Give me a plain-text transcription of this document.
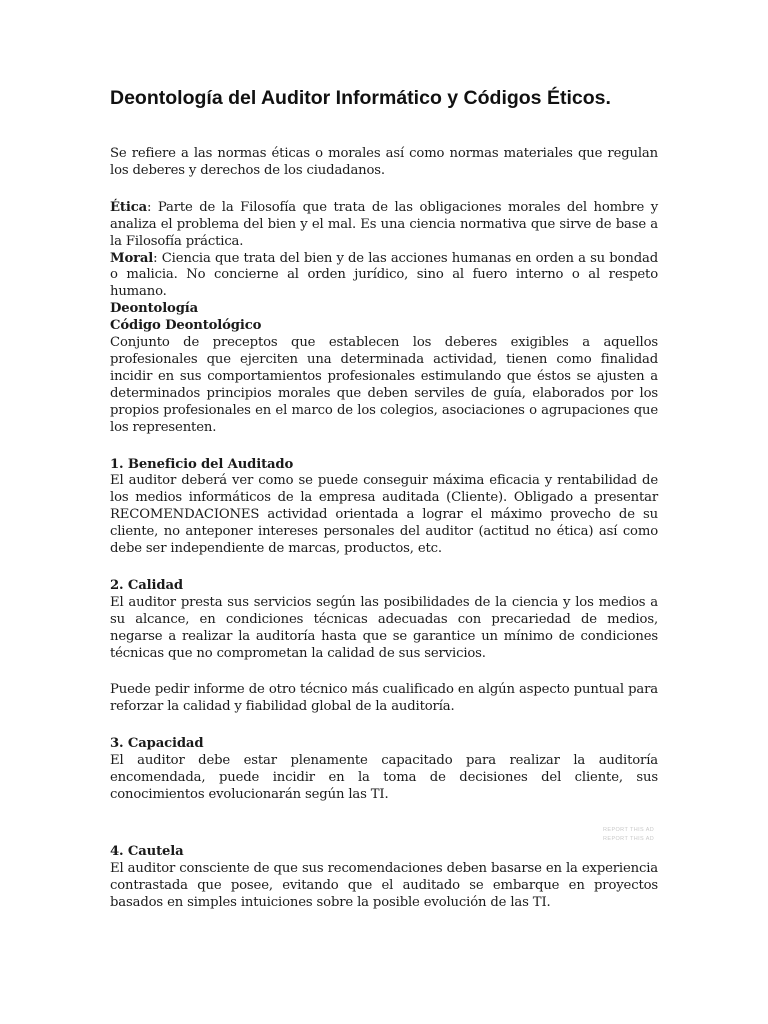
Deontología del Auditor Informático y Códigos Éticos.

Se refiere a las normas éticas o morales así como normas materiales que regulan los deberes y derechos de los ciudadanos.

Ética: Parte de la Filosofía que trata de las obligaciones morales del hombre y analiza el problema del bien y el mal. Es una ciencia normativa que sirve de base a la Filosofía práctica.

Moral: Ciencia que trata del bien y de las acciones humanas en orden a su bondad o malicia. No concierne al orden jurídico, sino al fuero interno o al respeto humano.

Deontología

Código Deontológico

Conjunto de preceptos que establecen los deberes exigibles a aquellos profesionales que ejerciten una determinada actividad, tienen como finalidad incidir en sus comportamientos profesionales estimulando que éstos se ajusten a determinados principios morales que deben serviles de guía, elaborados por los propios profesionales en el marco de los colegios, asociaciones o agrupaciones que los representen.

1. Beneficio del Auditado

El auditor deberá ver como se puede conseguir máxima eficacia y rentabilidad de los medios informáticos de la empresa auditada (Cliente). Obligado a presentar RECOMENDACIONES actividad orientada a lograr el máximo provecho de su cliente, no anteponer intereses personales del auditor (actitud no ética) así como debe ser independiente de marcas, productos, etc.

2. Calidad

El auditor presta sus servicios según las posibilidades de la ciencia y los medios a su alcance, en condiciones técnicas adecuadas con precariedad de medios, negarse a realizar la auditoría hasta que se garantice un mínimo de condiciones técnicas que no comprometan la calidad de sus servicios.

Puede pedir informe de otro técnico más cualificado en algún aspecto puntual para reforzar la calidad y fiabilidad global de la auditoría.

3. Capacidad

El auditor debe estar plenamente capacitado para realizar la auditoría encomendada, puede incidir en la toma de decisiones del cliente, sus conocimientos evolucionarán según las TI.

4. Cautela

El auditor consciente de que sus recomendaciones deben basarse en la experiencia contrastada que posee, evitando que el auditado se embarque en proyectos basados en simples intuiciones sobre la posible evolución de las TI.

REPORT THIS AD
REPORT THIS AD
